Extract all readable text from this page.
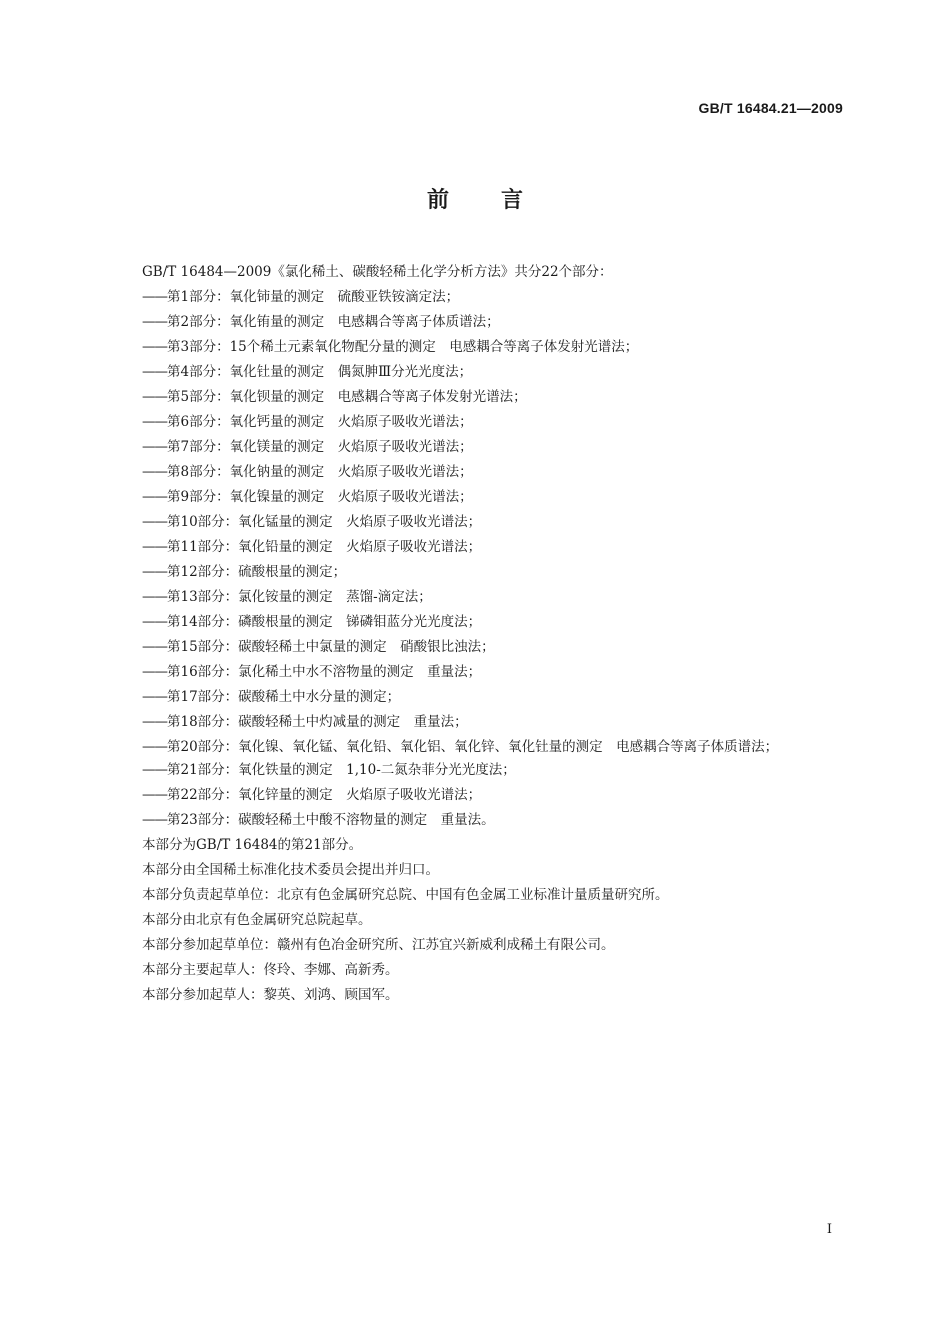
GB/T 16484.21—2009
前言
GB/T 16484—2009《氯化稀土、碳酸轻稀土化学分析方法》共分22个部分：
—— 第1部分：氧化铈量的测定　硫酸亚铁铵滴定法；
—— 第2部分：氧化铕量的测定　电感耦合等离子体质谱法；
—— 第3部分：15个稀土元素氧化物配分量的测定　电感耦合等离子体发射光谱法；
—— 第4部分：氧化钍量的测定　偶氮胂Ⅲ分光光度法；
—— 第5部分：氧化钡量的测定　电感耦合等离子体发射光谱法；
—— 第6部分：氧化钙量的测定　火焰原子吸收光谱法；
—— 第7部分：氧化镁量的测定　火焰原子吸收光谱法；
—— 第8部分：氧化钠量的测定　火焰原子吸收光谱法；
—— 第9部分：氧化镍量的测定　火焰原子吸收光谱法；
—— 第10部分：氧化锰量的测定　火焰原子吸收光谱法；
—— 第11部分：氧化铅量的测定　火焰原子吸收光谱法；
—— 第12部分：硫酸根量的测定；
—— 第13部分：氯化铵量的测定　蒸馏-滴定法；
—— 第14部分：磷酸根量的测定　锑磷钼蓝分光光度法；
—— 第15部分：碳酸轻稀土中氯量的测定　硝酸银比浊法；
—— 第16部分：氯化稀土中水不溶物量的测定　重量法；
—— 第17部分：碳酸稀土中水分量的测定；
—— 第18部分：碳酸轻稀土中灼减量的测定　重量法；
—— 第20部分：氧化镍、氧化锰、氧化铅、氧化铝、氧化锌、氧化钍量的测定　电感耦合等离子体质谱法；
—— 第21部分：氧化铁量的测定　1,10-二氮杂菲分光光度法；
—— 第22部分：氧化锌量的测定　火焰原子吸收光谱法；
—— 第23部分：碳酸轻稀土中酸不溶物量的测定　重量法。
本部分为GB/T 16484的第21部分。
本部分由全国稀土标准化技术委员会提出并归口。
本部分负责起草单位：北京有色金属研究总院、中国有色金属工业标准计量质量研究所。
本部分由北京有色金属研究总院起草。
本部分参加起草单位：赣州有色冶金研究所、江苏宜兴新威利成稀土有限公司。
本部分主要起草人：佟玲、李娜、高新秀。
本部分参加起草人：黎英、刘鸿、顾国军。
I
